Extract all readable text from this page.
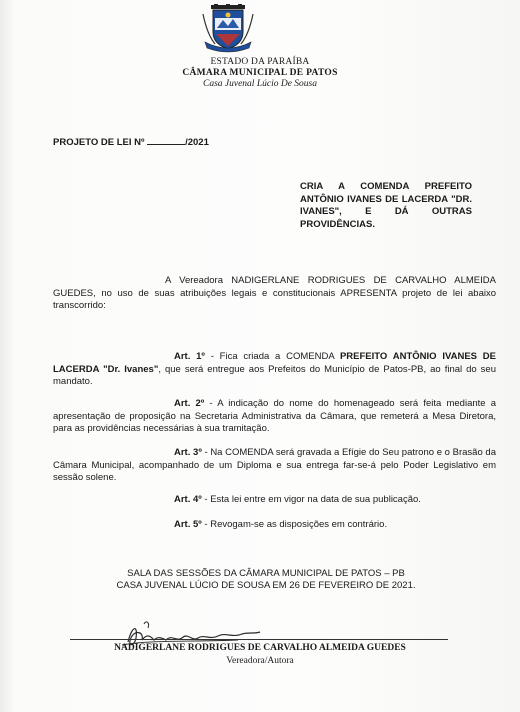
ESTADO DA PARAÍBA
CÂMARA MUNICIPAL DE PATOS
Casa Juvenal Lúcio De Sousa
PROJETO DE LEI Nº	/2021
CRIA A COMENDA PREFEITO ANTÔNIO IVANES DE LACERDA "DR. IVANES", E DÁ OUTRAS PROVIDÊNCIAS.
A Vereadora NADIGERLANE RODRIGUES DE CARVALHO ALMEIDA GUEDES, no uso de suas atribuições legais e constitucionais APRESENTA projeto de lei abaixo transcorrido:
Art. 1º - Fica criada a COMENDA PREFEITO ANTÔNIO IVANES DE LACERDA "Dr. Ivanes", que será entregue aos Prefeitos do Município de Patos-PB, ao final do seu mandato.
Art. 2º - A indicação do nome do homenageado será feita mediante a apresentação de proposição na Secretaria Administrativa da Câmara, que remeterá a Mesa Diretora, para as providências necessárias à sua tramitação.
Art. 3º - Na COMENDA será gravada a Efígie do Seu patrono e o Brasão da Câmara Municipal, acompanhado de um Diploma e sua entrega far-se-á pelo Poder Legislativo em sessão solene.
Art. 4º - Esta lei entre em vigor na data de sua publicação.
Art. 5º - Revogam-se as disposições em contrário.
SALA DAS SESSÕES DA CÂMARA MUNICIPAL DE PATOS – PB
CASA JUVENAL LÚCIO DE SOUSA EM 26 DE FEVEREIRO DE 2021.
NADIGERLANE RODRIGUES DE CARVALHO ALMEIDA GUEDES
Vereadora/Autora
